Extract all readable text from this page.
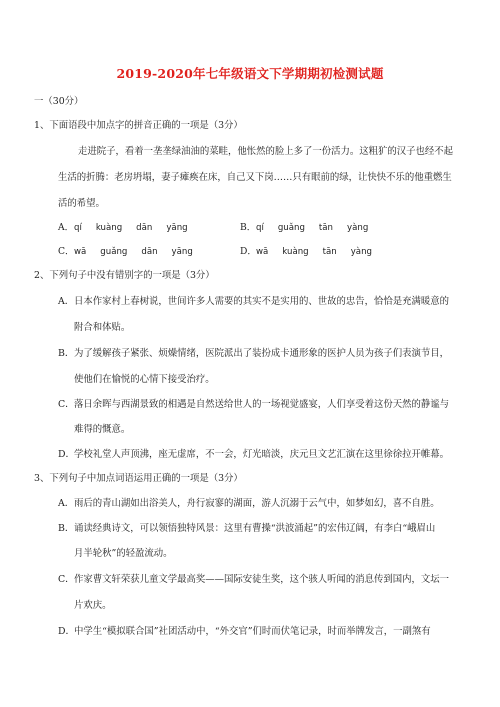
2019-2020年七年级语文下学期期初检测试题
一（30分）
1、下面语段中加点字的拼音正确的一项是（3分）
走进院子，看着一垄垄绿油油的菜畦，他怅然的脸上多了一份活力。这粗犷的汉子也经不起
生活的折腾：老房坍塌，妻子瘫痪在床，自己又下岗……只有眼前的绿，让快快不乐的他重燃生
活的希望。
A．qí kuàng dān yāng	B．qí guǎng tān yàng
C．wā guǎng dān yāng	D．wā kuàng tān yàng
2、下列句子中没有错别字的一项是（3分）
A．日本作家村上春树说，世间许多人需要的其实不是实用的、世故的忠告，恰恰是充满暖意的
附合和体贴。
B．为了缓解孩子紧张、烦燥情绪，医院派出了装扮成卡通形象的医护人员为孩子们表演节目，
使他们在愉悦的心情下接受治疗。
C．落日余晖与西湖景致的相遇是自然送给世人的一场视觉盛宴，人们享受着这份天然的静谧与
难得的慨意。
D．学校礼堂人声顶沸，座无虚席，不一会，灯光暗淡，庆元旦文艺汇演在这里徐徐拉开帷幕。
3、下列句子中加点词语运用正确的一项是（3分）
A．雨后的青山湖如出浴美人，舟行寂寥的湖面，游人沉溺于云气中，如梦如幻，喜不自胜。
B．诵读经典诗文，可以领悟独特风景：这里有曹操“洪波涌起”的宏伟辽阔，有李白“峨眉山
月半轮秋”的轻盈流动。
C．作家曹文轩荣获儿童文学最高奖——国际安徒生奖，这个骇人听闻的消息传到国内，文坛一
片欢庆。
D．中学生“模拟联合国”社团活动中，“外交官”们时而伏笔记录，时而举牌发言，一副煞有
